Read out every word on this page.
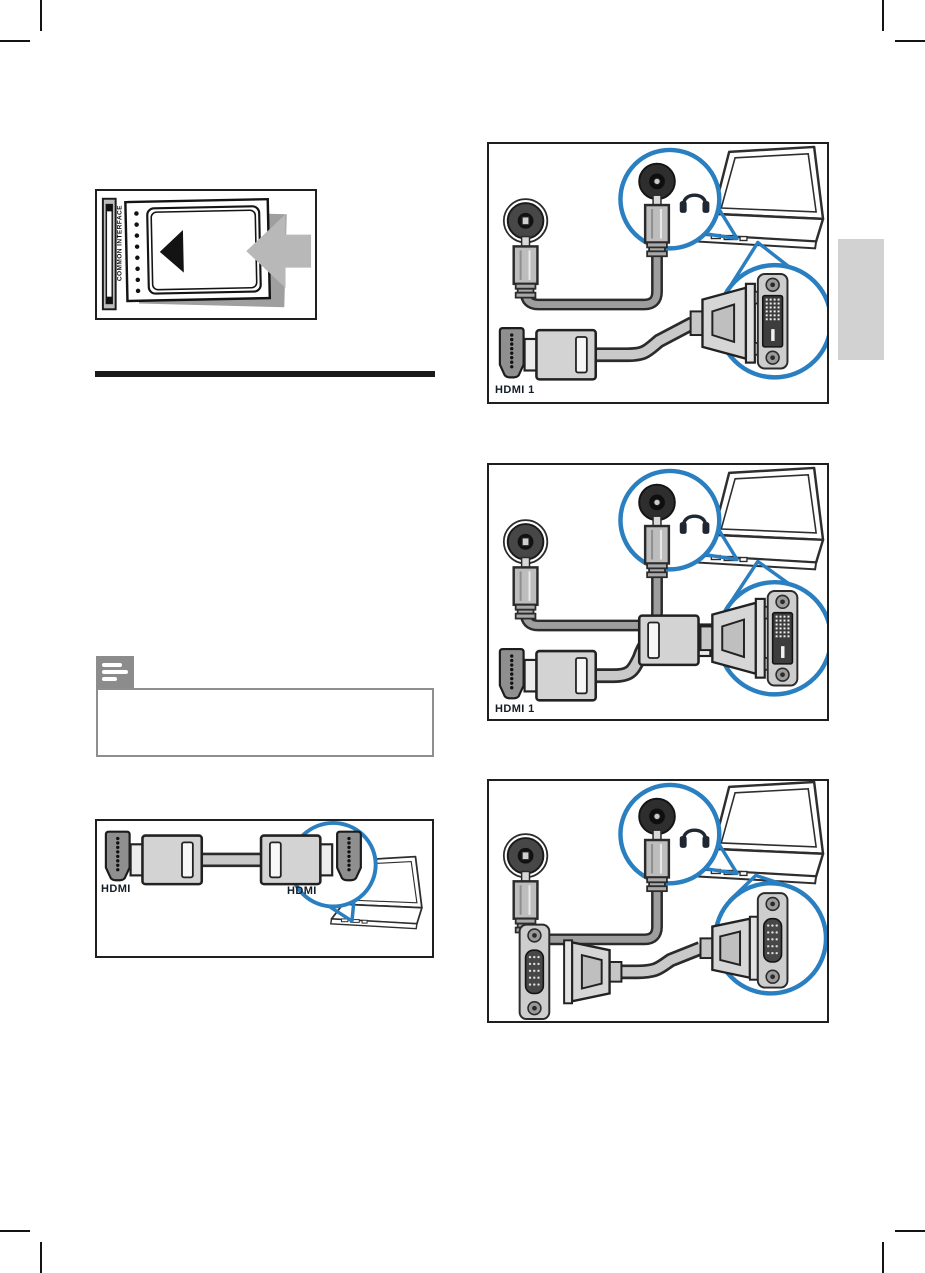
COMMON INTERFACE
HDMI	HDMI
HDMI 1
HDMI 1
